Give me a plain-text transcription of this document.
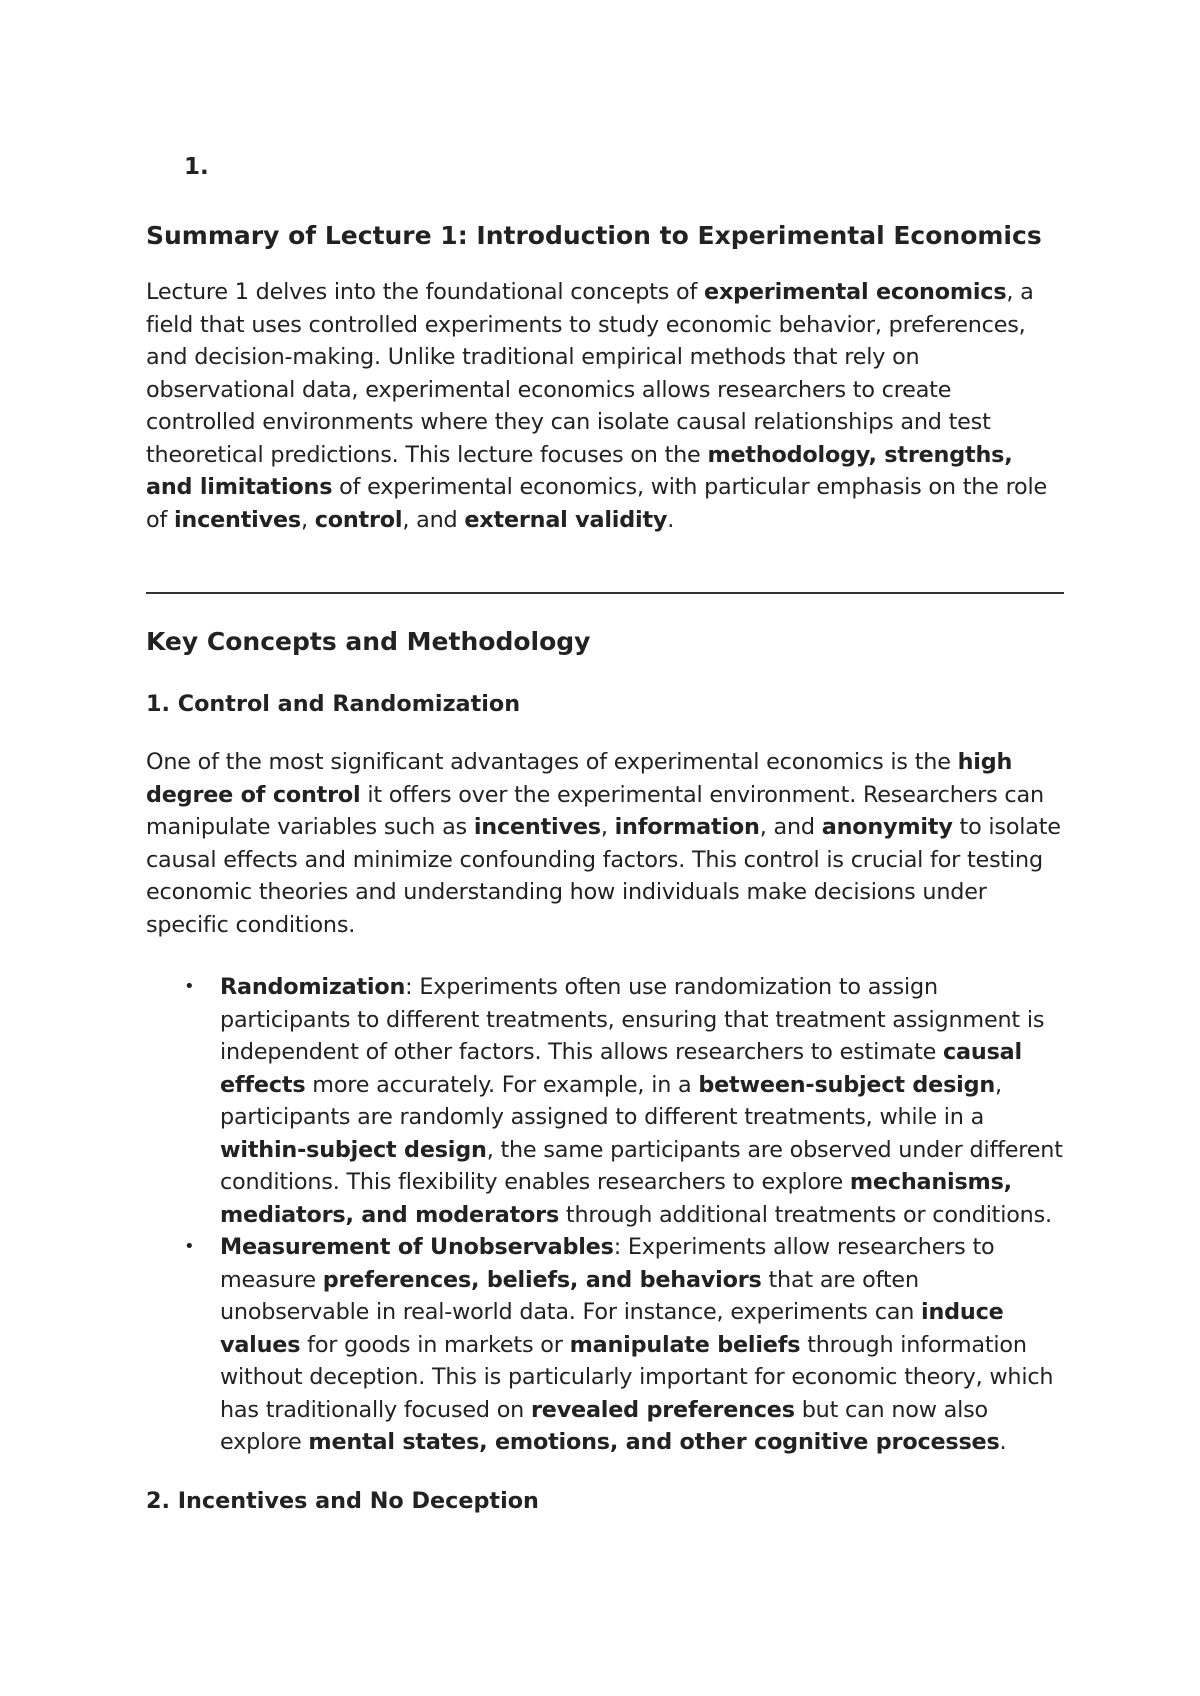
1.
Summary of Lecture 1: Introduction to Experimental Economics

Lecture 1 delves into the foundational concepts of experimental economics, a field that uses controlled experiments to study economic behavior, preferences, and decision-making. Unlike traditional empirical methods that rely on observational data, experimental economics allows researchers to create controlled environments where they can isolate causal relationships and test theoretical predictions. This lecture focuses on the methodology, strengths, and limitations of experimental economics, with particular emphasis on the role of incentives, control, and external validity.

Key Concepts and Methodology
1. Control and Randomization

One of the most significant advantages of experimental economics is the high degree of control it offers over the experimental environment. Researchers can manipulate variables such as incentives, information, and anonymity to isolate causal effects and minimize confounding factors. This control is crucial for testing economic theories and understanding how individuals make decisions under specific conditions.

• Randomization: Experiments often use randomization to assign participants to different treatments, ensuring that treatment assignment is independent of other factors. This allows researchers to estimate causal effects more accurately. For example, in a between-subject design, participants are randomly assigned to different treatments, while in a within-subject design, the same participants are observed under different conditions. This flexibility enables researchers to explore mechanisms, mediators, and moderators through additional treatments or conditions.
• Measurement of Unobservables: Experiments allow researchers to measure preferences, beliefs, and behaviors that are often unobservable in real-world data. For instance, experiments can induce values for goods in markets or manipulate beliefs through information without deception. This is particularly important for economic theory, which has traditionally focused on revealed preferences but can now also explore mental states, emotions, and other cognitive processes.
2. Incentives and No Deception
